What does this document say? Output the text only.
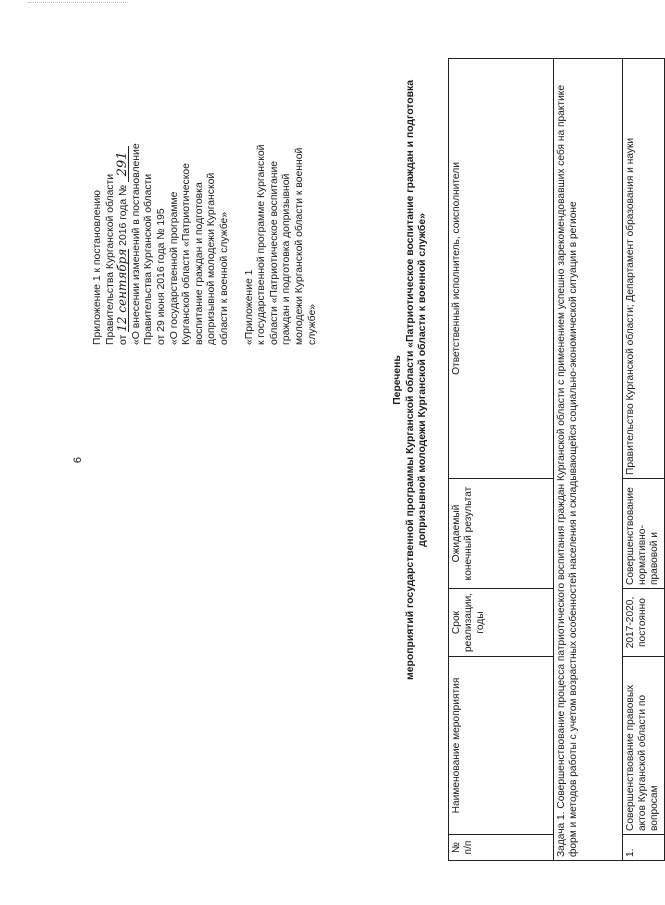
6

Приложение 1 к постановлению Правительства Курганской области от 12 сентября 2016 года № 291 «О внесении изменений в постановление Правительства Курганской области от 29 июня 2016 года № 195 «О государственной программе Курганской области «Патриотическое воспитание граждан и подготовка допризывной молодежи Курганской области к военной службе» «Приложение 1 к государственной программе Курганской области «Патриотическое воспитание граждан и подготовка допризывной молодежи Курганской области к военной службе»

Перечень мероприятий государственной программы Курганской области «Патриотическое воспитание граждан и подготовка допризывной молодежи Курганской области к военной службе»

№ п/п	Наименование мероприятия	Срок реализации, годы	Ожидаемый конечный результат	Ответственный исполнитель, соисполнители
Задача 1. Совершенствование процесса патриотического воспитания граждан Курганской области с применением успешно зарекомендовавших себя на практике форм и методов работы с учетом возрастных особенностей населения и складывающейся социально-экономической ситуации в регионе				
1.	Совершенствование правовых актов Курганской области по вопросам	2017-2020, постоянно	Совершенствование нормативно-правовой и	Правительство Курганской области; Департамент образования и науки
